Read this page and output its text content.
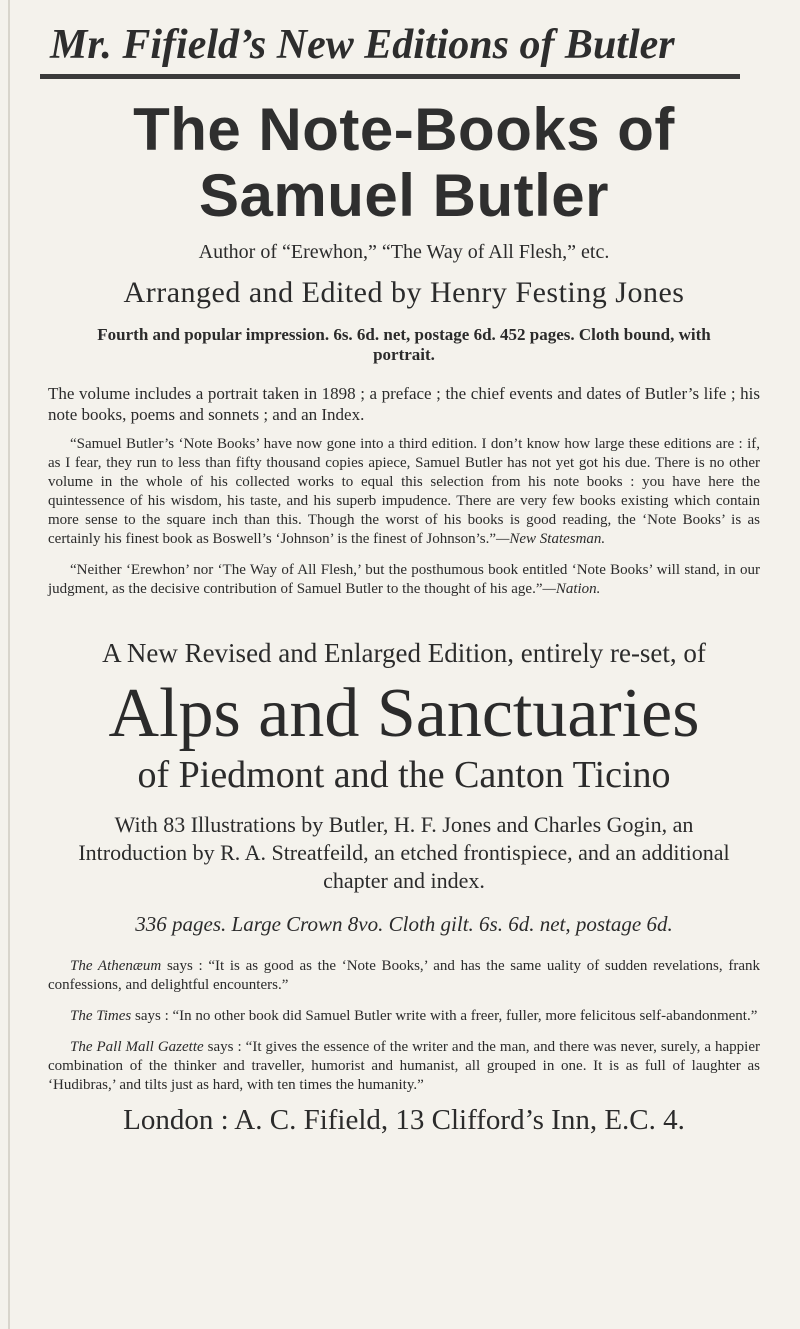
Mr. Fifield’s New Editions of Butler
The Note-Books of
Samuel Butler

Author of “Erewhon,” “The Way of All Flesh,” etc.

Arranged and Edited by Henry Festing Jones

Fourth and popular impression. 6s. 6d. net, postage 6d. 452 pages. Cloth bound, with portrait.

The volume includes a portrait taken in 1898 ; a preface ; the chief events and dates of Butler’s life ; his note books, poems and sonnets ; and an Index.

“Samuel Butler’s ‘Note Books’ have now gone into a third edition. I don’t know how large these editions are : if, as I fear, they run to less than fifty thousand copies apiece, Samuel Butler has not yet got his due. There is no other volume in the whole of his collected works to equal this selection from his note books : you have here the quintessence of his wisdom, his taste, and his superb impudence. There are very few books existing which contain more sense to the square inch than this. Though the worst of his books is good reading, the ‘Note Books’ is as certainly his finest book as Boswell’s ‘Johnson’ is the finest of Johnson’s.”—New Statesman.

“Neither ‘Erewhon’ nor ‘The Way of All Flesh,’ but the posthumous book entitled ‘Note Books’ will stand, in our judgment, as the decisive contribution of Samuel Butler to the thought of his age.”—Nation.

A New Revised and Enlarged Edition, entirely re-set, of

Alps and Sanctuaries

of Piedmont and the Canton Ticino

With 83 Illustrations by Butler, H. F. Jones and Charles Gogin, an Introduction by R. A. Streatfeild, an etched frontispiece, and an additional chapter and index.

336 pages. Large Crown 8vo. Cloth gilt. 6s. 6d. net, postage 6d.

The Athenæum says : “It is as good as the ‘Note Books,’ and has the same uality of sudden revelations, frank confessions, and delightful encounters.”

The Times says : “In no other book did Samuel Butler write with a freer, fuller, more felicitous self-abandonment.”

The Pall Mall Gazette says : “It gives the essence of the writer and the man, and there was never, surely, a happier combination of the thinker and traveller, humorist and humanist, all grouped in one. It is as full of laughter as ‘Hudibras,’ and tilts just as hard, with ten times the humanity.”

London : A. C. Fifield, 13 Clifford’s Inn, E.C. 4.
